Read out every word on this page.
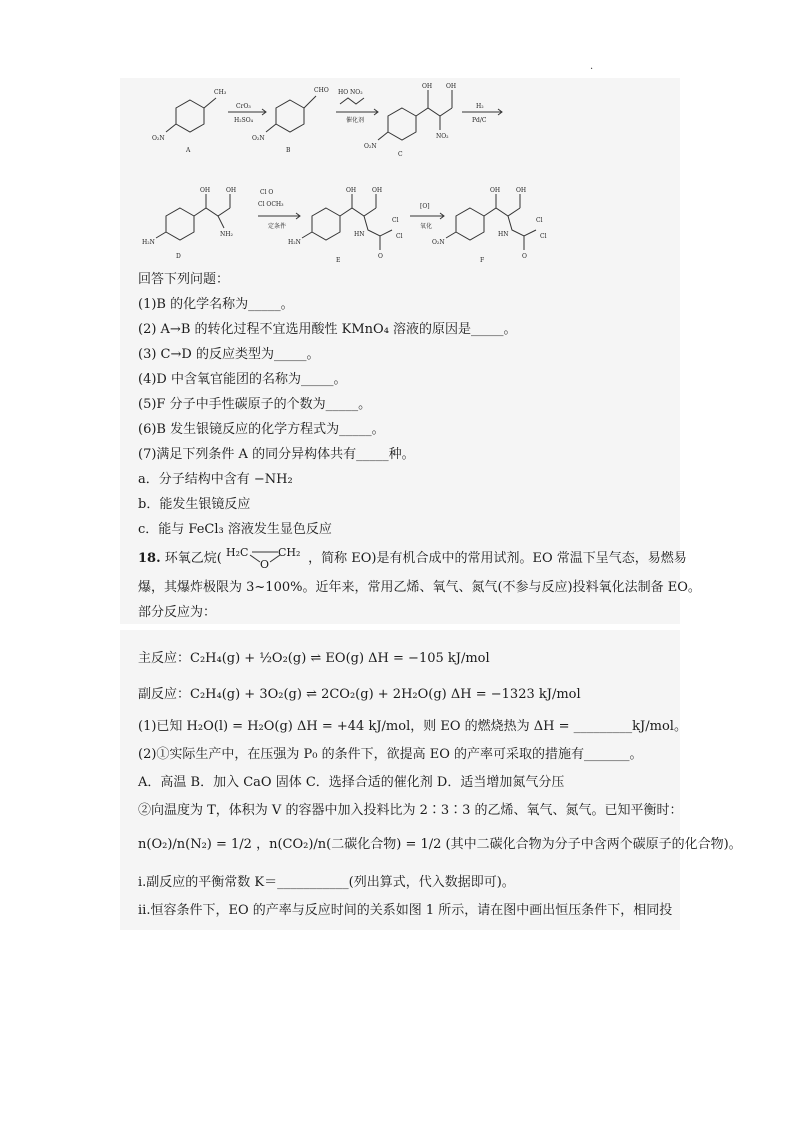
·
CH₃
O₂N
A
CrO₃
H₂SO₄
CHO
O₂N
B
HO NO₂
催化剂
OH OH
NO₂
O₂N
C
H₂
Pd/C
OH	OH
NH₂
H₂N
D
Cl O
Cl OCH₃
定条件
OH	OH
HN
Cl
Cl
O
H₂N
E
[O]
氧化
OH	OH
HN
Cl
Cl
O
O₂N
F
回答下列问题：
(1)B 的化学名称为_____。
(2) A→B 的转化过程不宜选用酸性 KMnO₄ 溶液的原因是_____。
(3) C→D 的反应类型为_____。
(4)D 中含氧官能团的名称为_____。
(5)F 分子中手性碳原子的个数为_____。
(6)B 发生银镜反应的化学方程式为_____。
(7)满足下列条件 A 的同分异构体共有_____种。
a．分子结构中含有 −NH₂
b．能发生银镜反应
c．能与 FeCl₃ 溶液发生显色反应
18. 环氧乙烷( H₂C	CH₂
O	，简称 EO)是有机合成中的常用试剂。EO 常温下呈气态，易燃易
爆，其爆炸极限为 3~100%。近年来，常用乙烯、氧气、氮气(不参与反应)投料氧化法制备 EO。
部分反应为：
主反应：C₂H₄(g) + ½O₂(g) ⇌ EO(g) ΔH = −105 kJ/mol
副反应：C₂H₄(g) + 3O₂(g) ⇌ 2CO₂(g) + 2H₂O(g) ΔH = −1323 kJ/mol
(1)已知 H₂O(l) = H₂O(g) ΔH = +44 kJ/mol，则 EO 的燃烧热为 ΔH = _________kJ/mol。
(2)①实际生产中，在压强为 P₀ 的条件下，欲提高 EO 的产率可采取的措施有_______。
A．高温 B．加入 CaO 固体 C．选择合适的催化剂 D．适当增加氮气分压
②向温度为 T，体积为 V 的容器中加入投料比为 2∶3∶3 的乙烯、氧气、氮气。已知平衡时：
n(O₂)/n(N₂) = 1/2 ，n(CO₂)/n(二碳化合物) = 1/2 (其中二碳化合物为分子中含两个碳原子的化合物)。
ⅰ.副反应的平衡常数 K＝___________(列出算式，代入数据即可)。
ⅱ.恒容条件下，EO 的产率与反应时间的关系如图 1 所示，请在图中画出恒压条件下，相同投
